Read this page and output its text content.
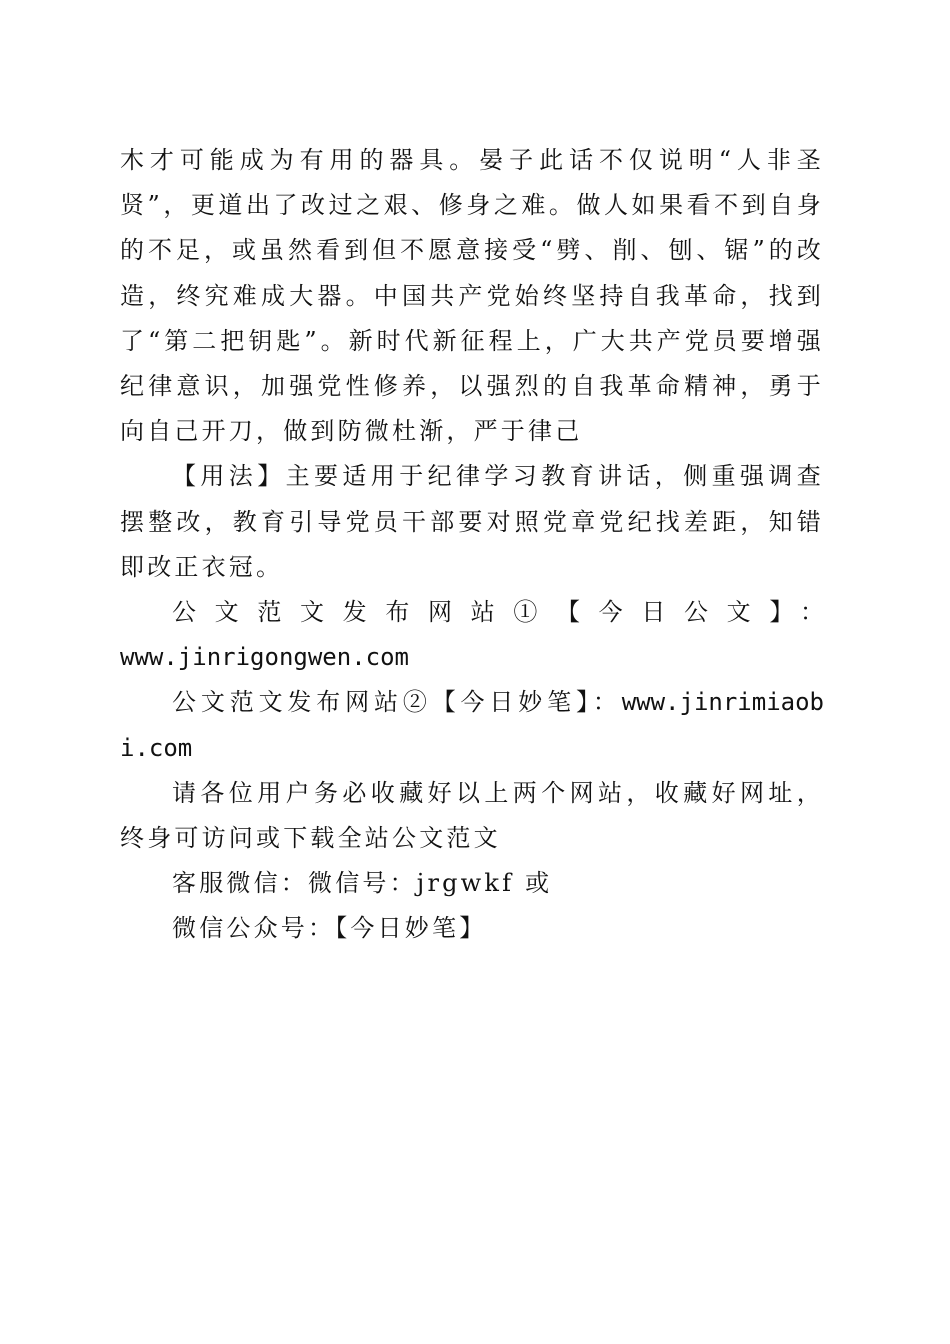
木才可能成为有用的器具。晏子此话不仅说明“人非圣贤”，更道出了改过之艰、修身之难。做人如果看不到自身的不足，或虽然看到但不愿意接受“劈、削、刨、锯”的改造，终究难成大器。中国共产党始终坚持自我革命，找到了“第二把钥匙”。新时代新征程上，广大共产党员要增强纪律意识，加强党性修养，以强烈的自我革命精神，勇于向自己开刀，做到防微杜渐，严于律己

【用法】主要适用于纪律学习教育讲话，侧重强调查摆整改，教育引导党员干部要对照党章党纪找差距，知错即改正衣冠。

公文范文发布网站①【今日公文】：

www.jinrigongwen.com

公文范文发布网站②【今日妙笔】：www.jinrimiaobi.com

请各位用户务必收藏好以上两个网站，收藏好网址，终身可访问或下载全站公文范文

客服微信：微信号：jrgwkf 或

微信公众号：【今日妙笔】
